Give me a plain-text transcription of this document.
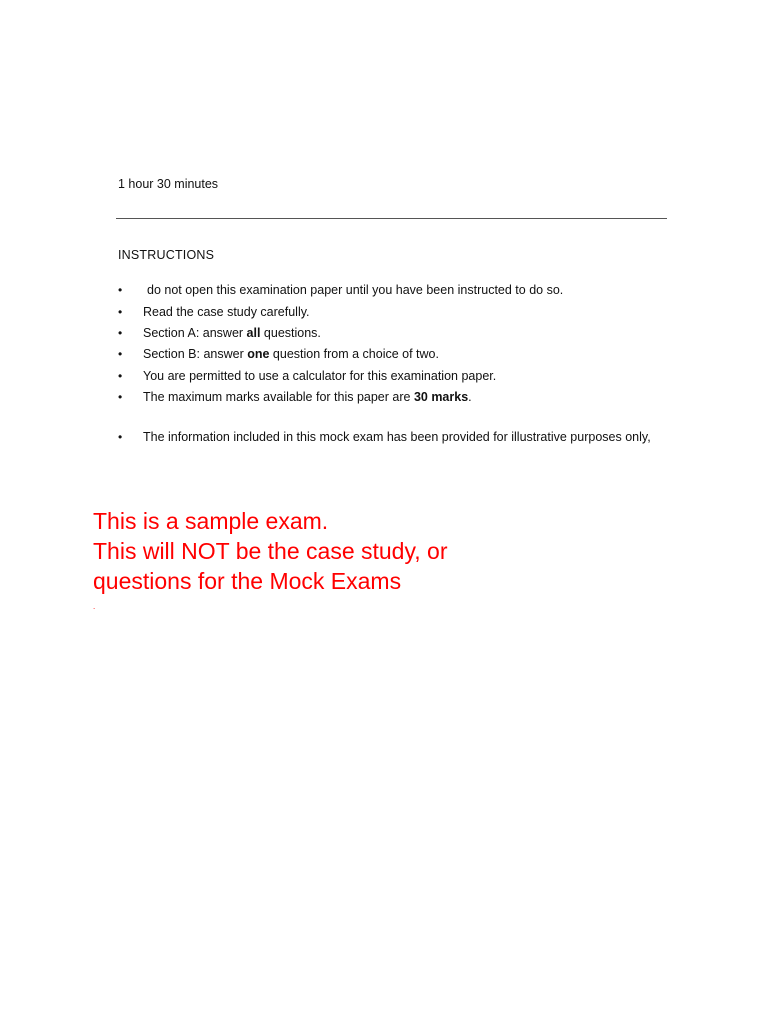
1 hour 30 minutes
INSTRUCTIONS
•	do not open this examination paper until you have been instructed to do so.
•	Read the case study carefully.
•	Section A: answer all questions.
•	Section B: answer one question from a choice of two.
•	You are permitted to use a calculator for this examination paper.
•	The maximum marks available for this paper are 30 marks.
•	The information included in this mock exam has been provided for illustrative purposes only,
This is a sample exam.
This will NOT be the case study, or
questions for the Mock Exams
.
